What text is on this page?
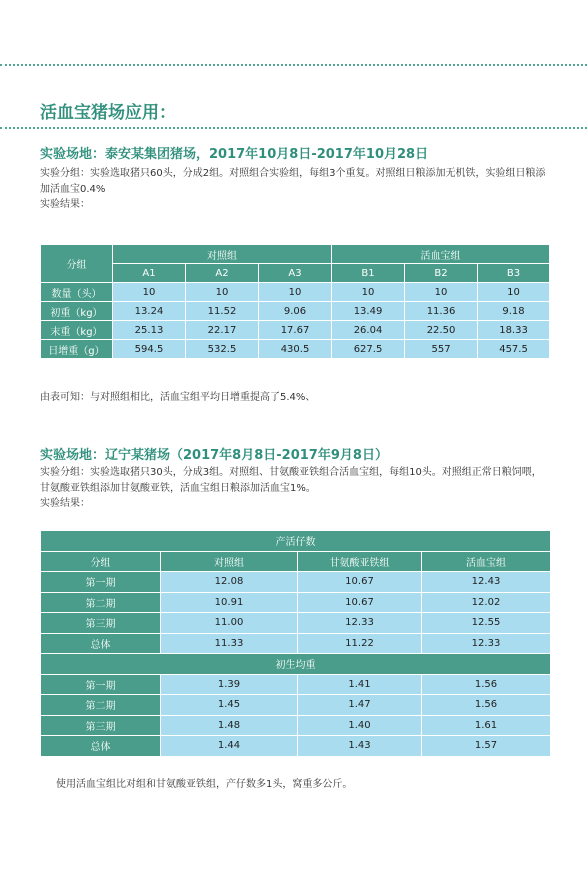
活血宝猪场应用：
实验场地：泰安某集团猪场，2017年10月8日-2017年10月28日

实验分组：实验选取猪只60头，分成2组。对照组合实验组，每组3个重复。对照组日粮添加无机铁，实验组日粮添加活血宝0.4%

实验结果：

分组	对照组			活血宝组		
	A1	A2	A3	B1	B2	B3
数量（头）	10	10	10	10	10	10
初重（kg）	13.24	11.52	9.06	13.49	11.36	9.18
末重（kg）	25.13	22.17	17.67	26.04	22.50	18.33
日增重（g）	594.5	532.5	430.5	627.5	557	457.5

由表可知：与对照组相比，活血宝组平均日增重提高了5.4%、

实验场地：辽宁某猪场（2017年8月8日-2017年9月8日）

实验分组：实验选取猪只30头，分成3组。对照组、甘氨酸亚铁组合活血宝组，每组10头。对照组正常日粮饲喂，

甘氨酸亚铁组添加甘氨酸亚铁，活血宝组日粮添加活血宝1%。

实验结果：

产活仔数			
分组	对照组	甘氨酸亚铁组	活血宝组
第一期	12.08	10.67	12.43
第二期	10.91	10.67	12.02
第三期	11.00	12.33	12.55
总体	11.33	11.22	12.33
初生均重			
第一期	1.39	1.41	1.56
第二期	1.45	1.47	1.56
第三期	1.48	1.40	1.61
总体	1.44	1.43	1.57

使用活血宝组比对组和甘氨酸亚铁组，产仔数多1头，窝重多公斤。
